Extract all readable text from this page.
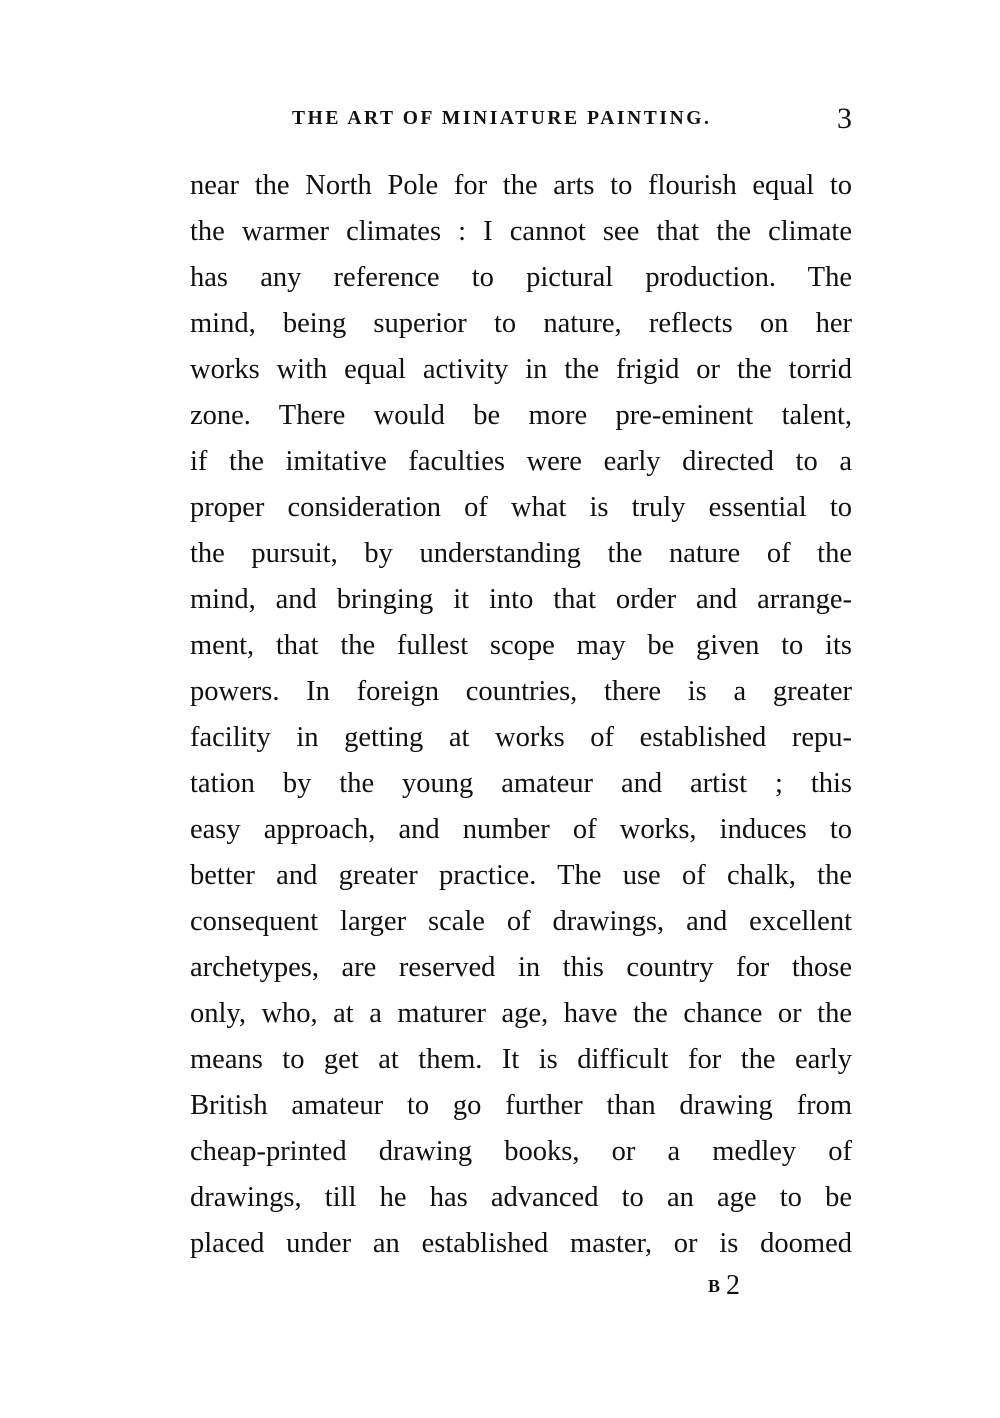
THE ART OF MINIATURE PAINTING.	3
near the North Pole for the arts to flourish equal to
the warmer climates : I cannot see that the climate
has any reference to pictural production. The
mind, being superior to nature, reflects on her
works with equal activity in the frigid or the torrid
zone. There would be more pre-eminent talent,
if the imitative faculties were early directed to a
proper consideration of what is truly essential to
the pursuit, by understanding the nature of the
mind, and bringing it into that order and arrange-
ment, that the fullest scope may be given to its
powers. In foreign countries, there is a greater
facility in getting at works of established repu-
tation by the young amateur and artist ; this
easy approach, and number of works, induces to
better and greater practice. The use of chalk, the
consequent larger scale of drawings, and excellent
archetypes, are reserved in this country for those
only, who, at a maturer age, have the chance or the
means to get at them. It is difficult for the early
British amateur to go further than drawing from
cheap-printed drawing books, or a medley of
drawings, till he has advanced to an age to be
placed under an established master, or is doomed
B 2
